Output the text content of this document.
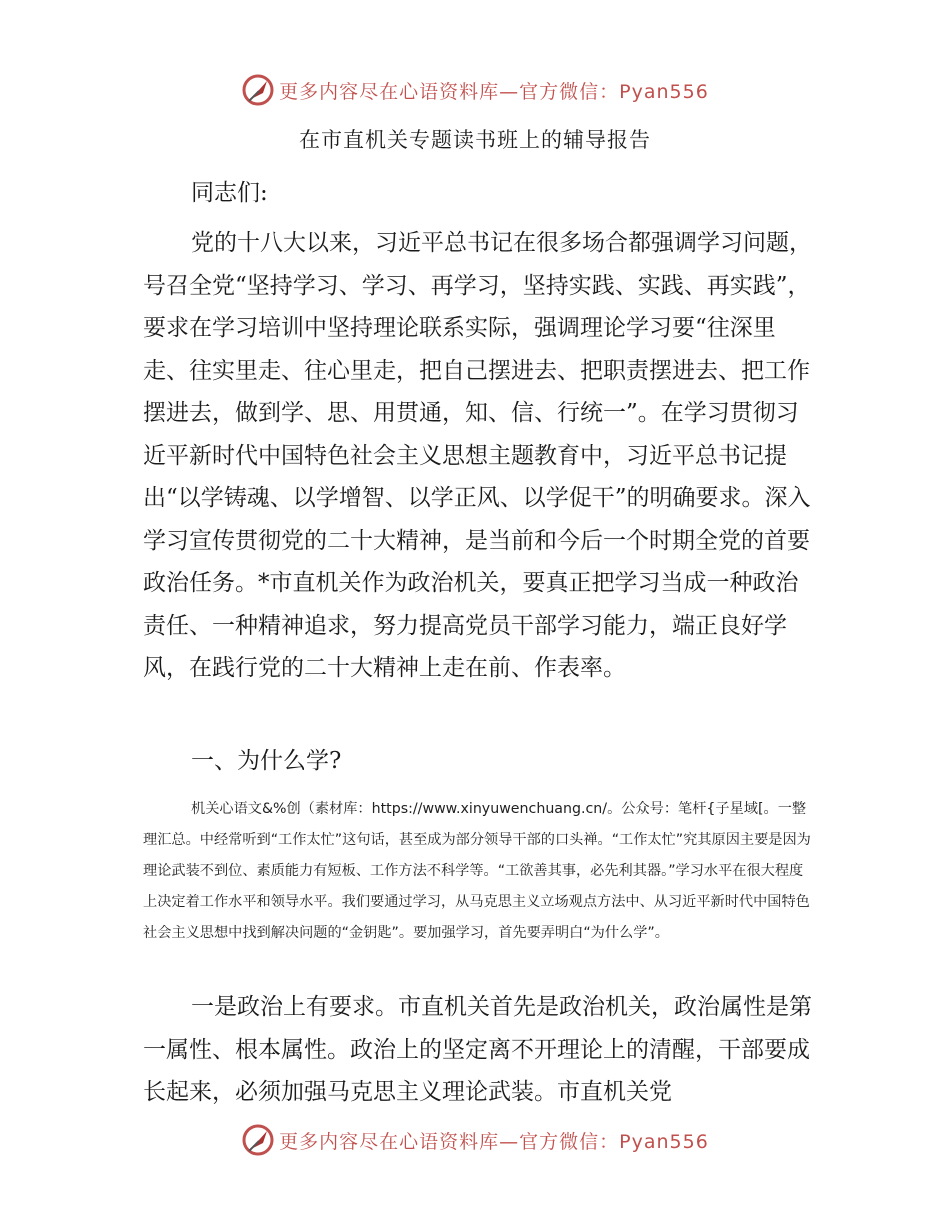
更多内容尽在心语资料库—官方微信：Pyan556
在市直机关专题读书班上的辅导报告
同志们:
党的十八大以来，习近平总书记在很多场合都强调学习问题，号召全党“坚持学习、学习、再学习，坚持实践、实践、再实践”，要求在学习培训中坚持理论联系实际，强调理论学习要“往深里走、往实里走、往心里走，把自己摆进去、把职责摆进去、把工作摆进去，做到学、思、用贯通，知、信、行统一”。在学习贯彻习近平新时代中国特色社会主义思想主题教育中，习近平总书记提出“以学铸魂、以学增智、以学正风、以学促干”的明确要求。深入学习宣传贯彻党的二十大精神，是当前和今后一个时期全党的首要政治任务。*市直机关作为政治机关，要真正把学习当成一种政治责任、一种精神追求，努力提高党员干部学习能力，端正良好学风，在践行党的二十大精神上走在前、作表率。
一、为什么学?
机关心语文&%创（素材库：https://www.xinyuwenchuang.cn/。公众号：笔杆{子星域[。一整理汇总。中经常听到“工作太忙”这句话，甚至成为部分领导干部的口头禅。“工作太忙”究其原因主要是因为理论武装不到位、素质能力有短板、工作方法不科学等。“工欲善其事，必先利其器。”学习水平在很大程度上决定着工作水平和领导水平。我们要通过学习，从马克思主义立场观点方法中、从习近平新时代中国特色社会主义思想中找到解决问题的“金钥匙”。要加强学习，首先要弄明白“为什么学”。
一是政治上有要求。市直机关首先是政治机关，政治属性是第一属性、根本属性。政治上的坚定离不开理论上的清醒，干部要成长起来，必须加强马克思主义理论武装。市直机关党
更多内容尽在心语资料库—官方微信：Pyan556
